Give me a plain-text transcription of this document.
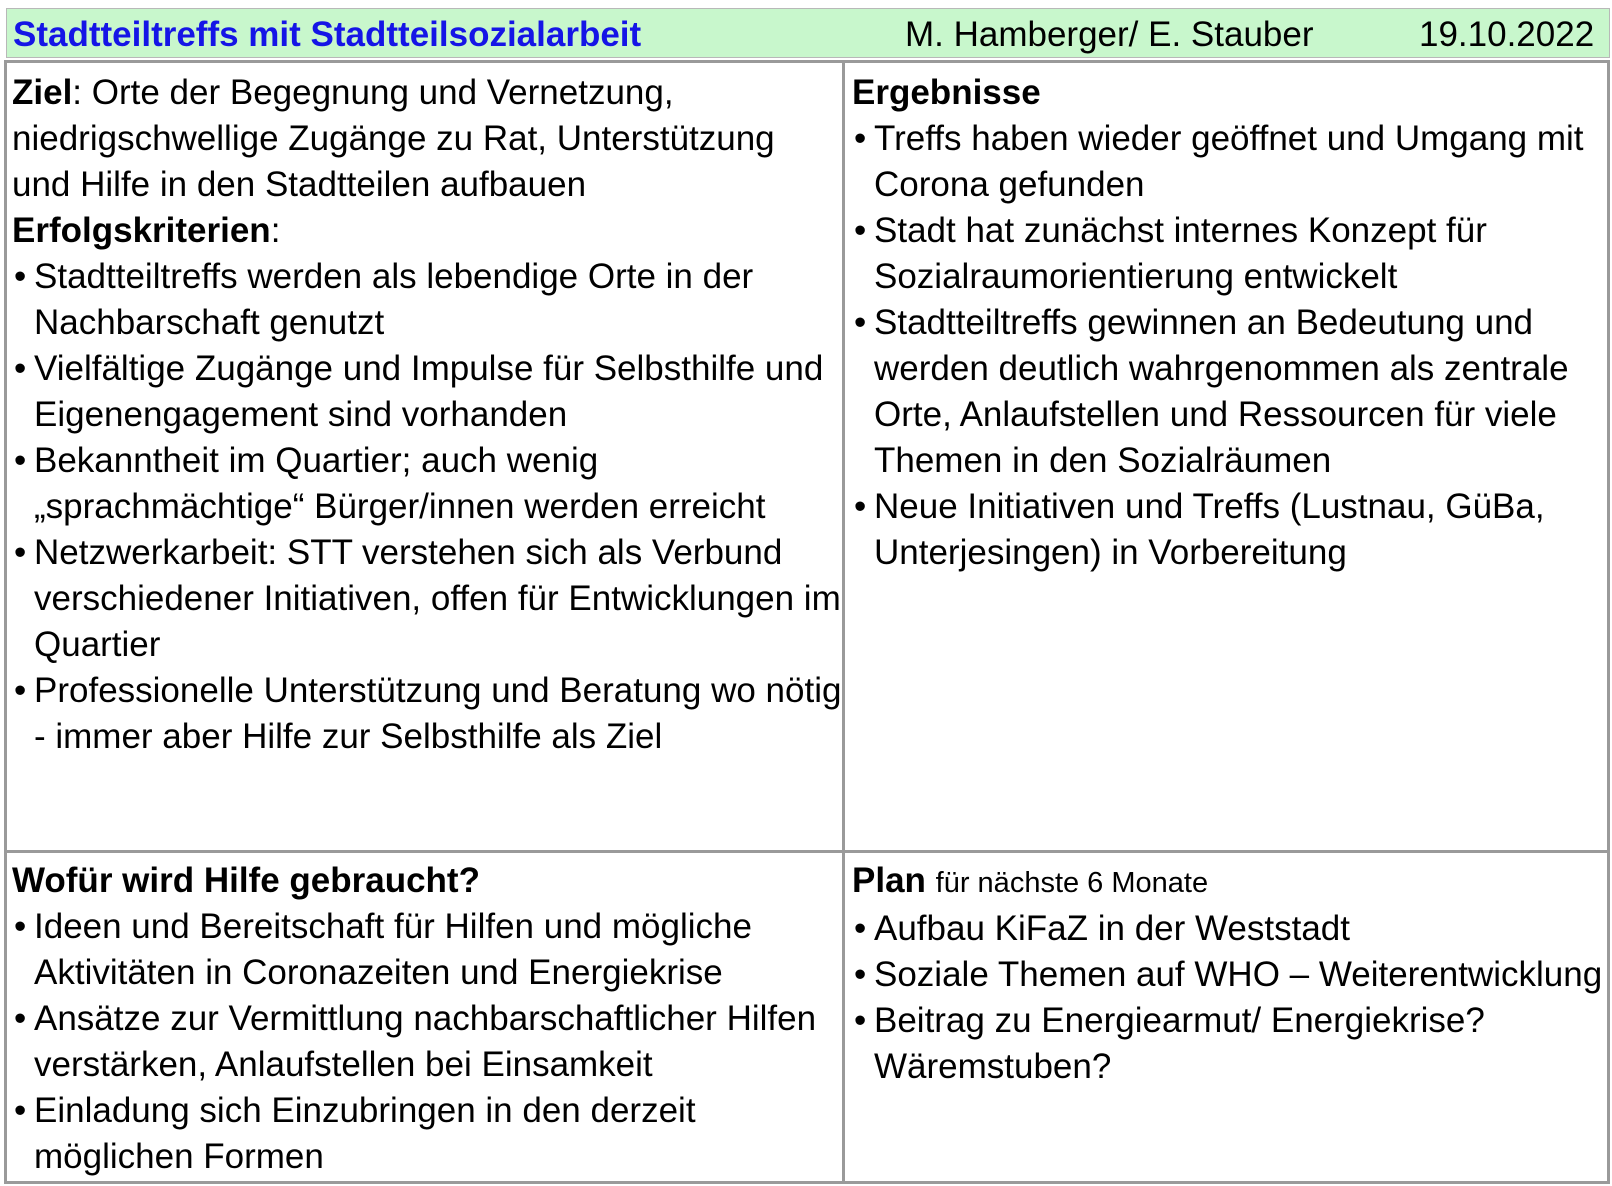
Stadtteiltreffs mit Stadtteilsozialarbeit	M. Hamberger/ E. Stauber	19.10.2022

Ziel: Orte der Begegnung und Vernetzung, niedrigschwellige Zugänge zu Rat, Unterstützung und Hilfe in den Stadtteilen aufbauen

Erfolgskriterien:

• Stadtteiltreffs werden als lebendige Orte in der Nachbarschaft genutzt
• Vielfältige Zugänge und Impulse für Selbsthilfe und Eigenengagement sind vorhanden
• Bekanntheit im Quartier; auch wenig „sprachmächtige“ Bürger/innen werden erreicht
• Netzwerkarbeit: STT verstehen sich als Verbund verschiedener Initiativen, offen für Entwicklungen im Quartier
• Professionelle Unterstützung und Beratung wo nötig - immer aber Hilfe zur Selbsthilfe als Ziel

Ergebnisse

• Treffs haben wieder geöffnet und Umgang mit Corona gefunden
• Stadt hat zunächst internes Konzept für Sozialraumorientierung entwickelt
• Stadtteiltreffs gewinnen an Bedeutung und werden deutlich wahrgenommen als zentrale Orte, Anlaufstellen und Ressourcen für viele Themen in den Sozialräumen
• Neue Initiativen und Treffs (Lustnau, GüBa, Unterjesingen) in Vorbereitung

Wofür wird Hilfe gebraucht?

• Ideen und Bereitschaft für Hilfen und mögliche Aktivitäten in Coronazeiten und Energiekrise
• Ansätze zur Vermittlung nachbarschaftlicher Hilfen verstärken, Anlaufstellen bei Einsamkeit
• Einladung sich Einzubringen in den derzeit möglichen Formen

Plan für nächste 6 Monate

• Aufbau KiFaZ in der Weststadt
• Soziale Themen auf WHO – Weiterentwicklung
• Beitrag zu Energiearmut/ Energiekrise? Wäremstuben?
